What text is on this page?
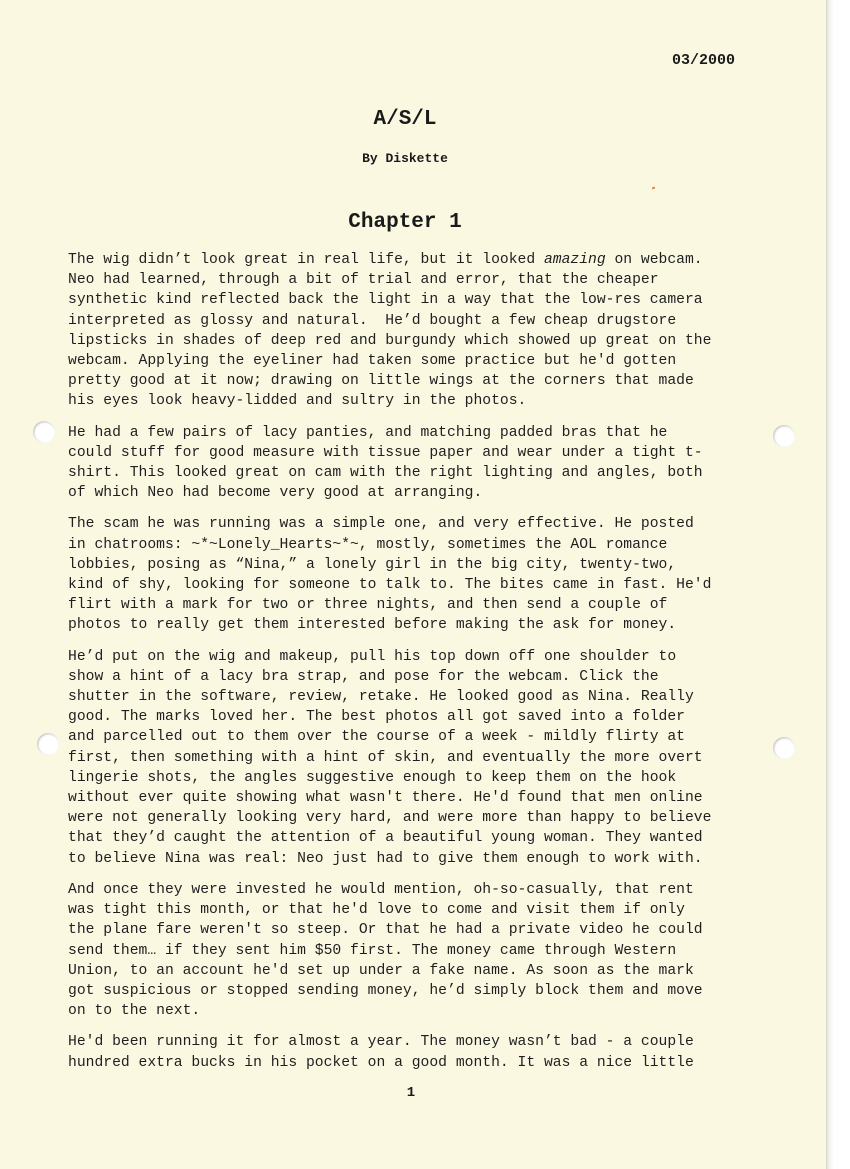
03/2000
A/S/L
By Diskette
Chapter 1
The wig didn’t look great in real life, but it looked amazing on webcam.
Neo had learned, through a bit of trial and error, that the cheaper
synthetic kind reflected back the light in a way that the low-res camera
interpreted as glossy and natural.  He’d bought a few cheap drugstore
lipsticks in shades of deep red and burgundy which showed up great on the
webcam. Applying the eyeliner had taken some practice but he'd gotten
pretty good at it now; drawing on little wings at the corners that made
his eyes look heavy-lidded and sultry in the photos.
He had a few pairs of lacy panties, and matching padded bras that he
could stuff for good measure with tissue paper and wear under a tight t-
shirt. This looked great on cam with the right lighting and angles, both
of which Neo had become very good at arranging.
The scam he was running was a simple one, and very effective. He posted
in chatrooms: ~*~Lonely_Hearts~*~, mostly, sometimes the AOL romance
lobbies, posing as “Nina,” a lonely girl in the big city, twenty-two,
kind of shy, looking for someone to talk to. The bites came in fast. He'd
flirt with a mark for two or three nights, and then send a couple of
photos to really get them interested before making the ask for money.
He’d put on the wig and makeup, pull his top down off one shoulder to
show a hint of a lacy bra strap, and pose for the webcam. Click the
shutter in the software, review, retake. He looked good as Nina. Really
good. The marks loved her. The best photos all got saved into a folder
and parcelled out to them over the course of a week - mildly flirty at
first, then something with a hint of skin, and eventually the more overt
lingerie shots, the angles suggestive enough to keep them on the hook
without ever quite showing what wasn't there. He'd found that men online
were not generally looking very hard, and were more than happy to believe
that they’d caught the attention of a beautiful young woman. They wanted
to believe Nina was real: Neo just had to give them enough to work with.
And once they were invested he would mention, oh-so-casually, that rent
was tight this month, or that he'd love to come and visit them if only
the plane fare weren't so steep. Or that he had a private video he could
send them… if they sent him $50 first. The money came through Western
Union, to an account he'd set up under a fake name. As soon as the mark
got suspicious or stopped sending money, he’d simply block them and move
on to the next.
He'd been running it for almost a year. The money wasn’t bad - a couple
hundred extra bucks in his pocket on a good month. It was a nice little
1
